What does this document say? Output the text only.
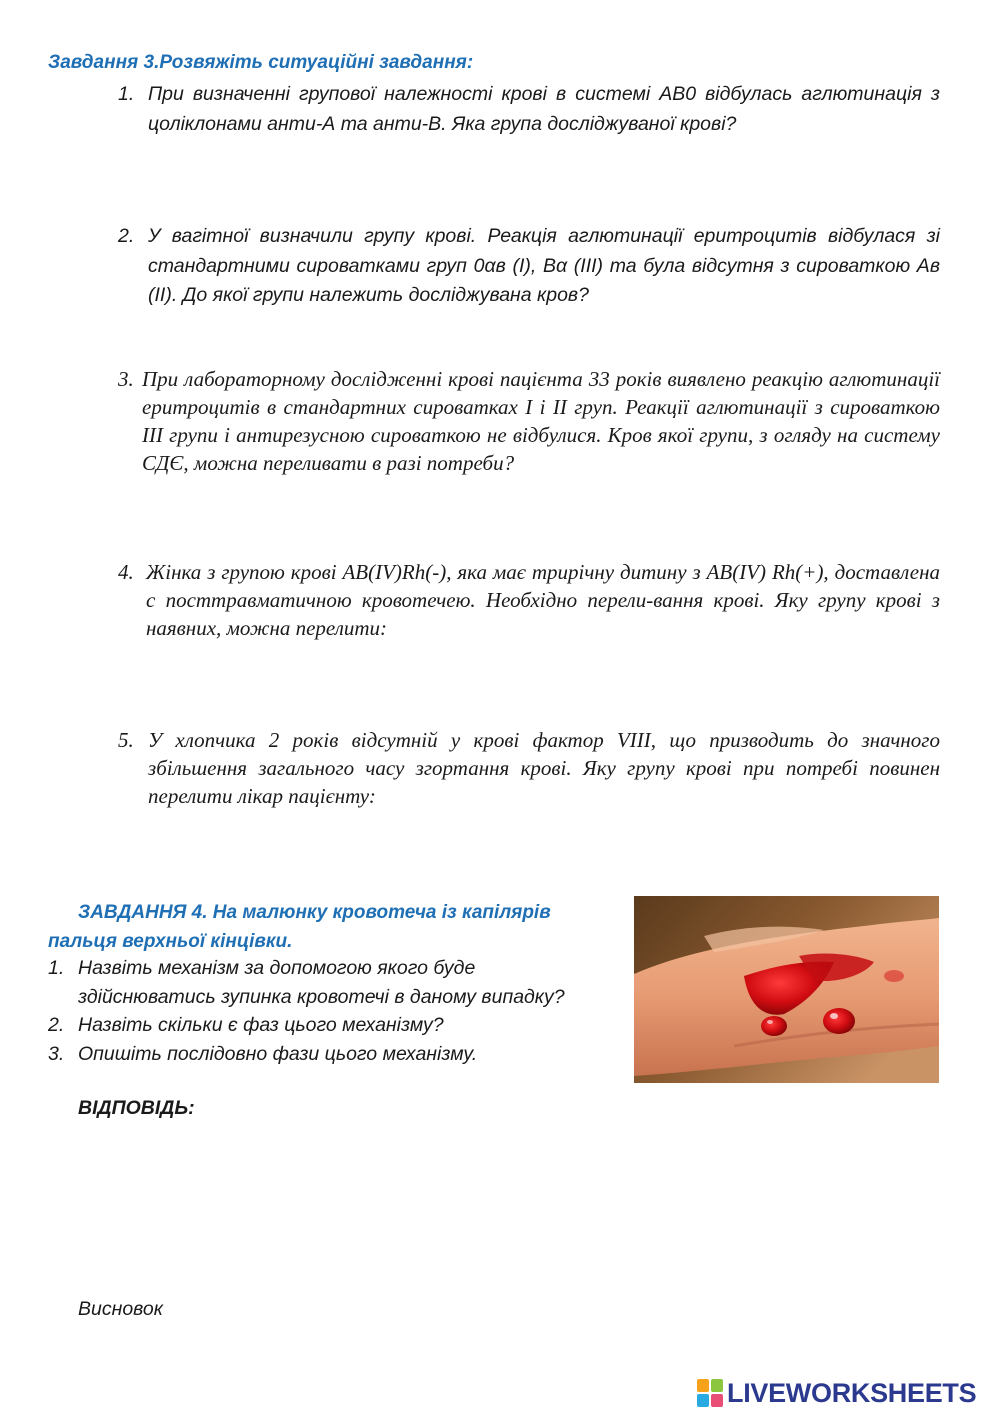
Завдання 3.Розвяжіть ситуаційні завдання:
1. При визначенні групової належності крові в системі АВ0 відбулась аглютинація з цоліклонами анти-А та анти-В. Яка група досліджуваної крові?
2. У вагітної визначили групу крові. Реакція аглютинації еритроцитів відбулася зі стандартними сироватками груп 0αв (І), Вα (ІІІ) та була відсутня з сироваткою Ав (ІІ). До якої групи належить досліджувана кров?
3. При лабораторному дослідженні крові пацієнта 33 років виявлено реакцію аглютинації еритроцитів в стандартних сироватках І і ІІ груп. Реакції аглютинації з сироваткою ІІІ групи і антирезусною сироваткою не відбулися. Кров якої групи, з огляду на систему СДЄ, можна переливати в разі потреби?
4. Жінка з групою крові AB(IV)Rh(-), яка має трирічну дитину з AB(IV) Rh(+), доставлена с посттравматичною кровотечею. Необхідно перели-вання крові. Яку групу крові з наявних, можна перелити:
5. У хлопчика 2 років відсутній у крові фактор VIII, що призводить до значного збільшення загального часу згортання крові. Яку групу крові при потребі повинен перелити лікар пацієнту:
ЗАВДАННЯ 4. На малюнку кровотеча із капілярів
пальця верхньої кінцівки.
1. Назвіть механізм за допомогою якого буде здійснюватись зупинка кровотечі в даному випадку?
2. Назвіть скільки є фаз цього механізму?
3. Опишіть послідовно фази цього механізму.
ВІДПОВІДЬ:
Висновок
LIVEWORKSHEETS
